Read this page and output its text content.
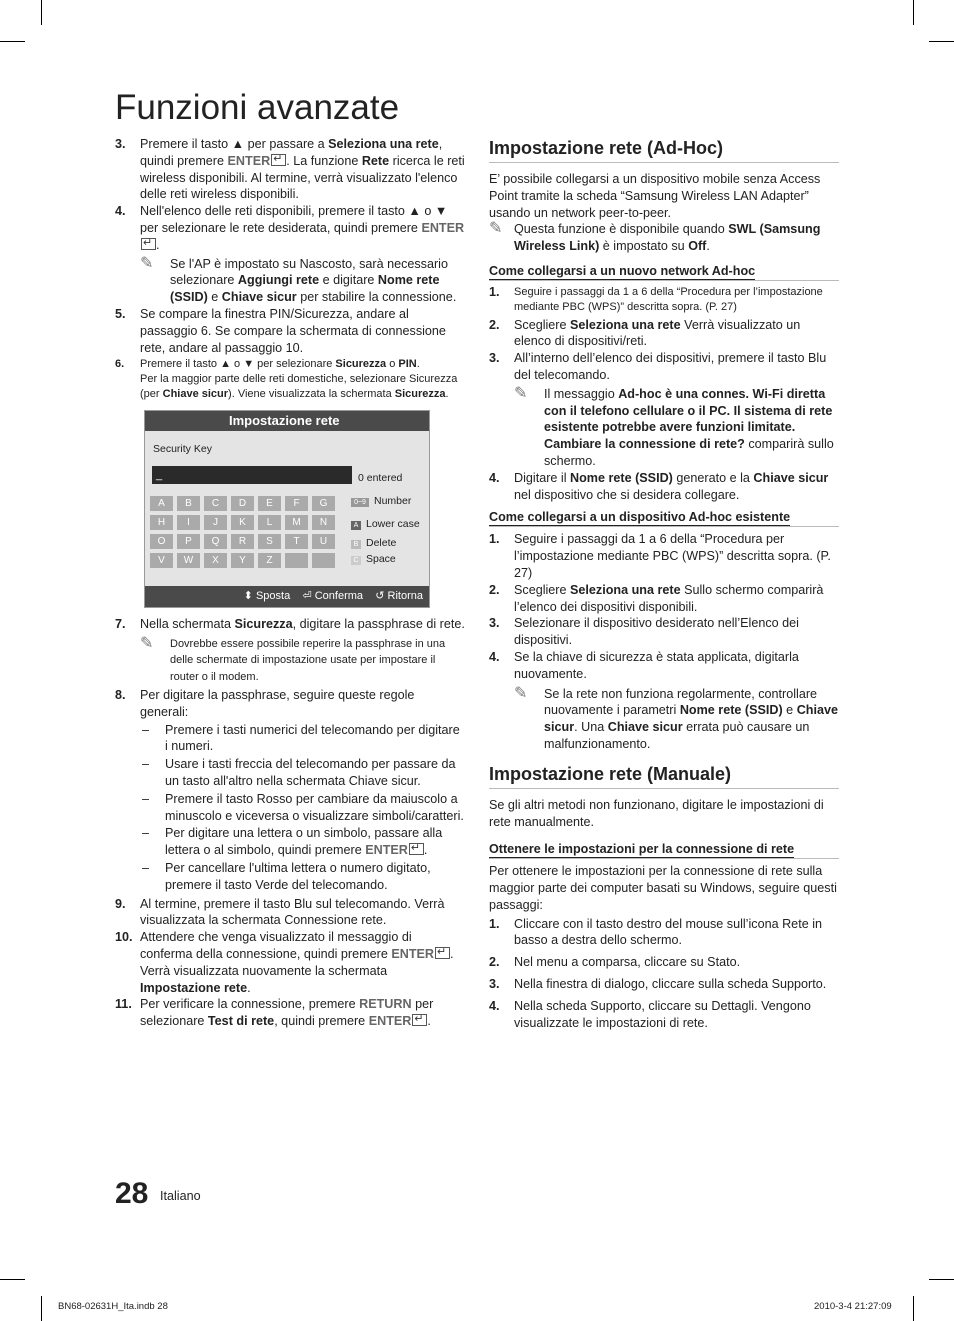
Funzioni avanzate
3. Premere il tasto ▲ per passare a Seleziona una rete, quindi premere ENTER ↵ . La funzione Rete ricerca le reti wireless disponibili. Al termine, verrà visualizzato l'elenco delle reti wireless disponibili.
4. Nell'elenco delle reti disponibili, premere il tasto ▲ o ▼ per selezionare le rete desiderata, quindi premere ENTER↵.
✎ Se l'AP è impostato su Nascosto, sarà necessario selezionare Aggiungi rete e digitare Nome rete (SSID) e Chiave sicur per stabilire la connessione.
5. Se compare la finestra PIN/Sicurezza, andare al passaggio 6. Se compare la schermata di connessione rete, andare al passaggio 10.
6. Premere il tasto ▲ o ▼ per selezionare Sicurezza o PIN.
Per la maggior parte delle reti domestiche, selezionare Sicurezza (per Chiave sicur). Viene visualizzata la schermata Sicurezza.
Impostazione rete
Security Key
_	0 entered
0~9 Number
A Lower case
B Delete
C Space
A	B	C	D	E	F	G
H	I	J	K	L	M	N
O	P	Q	R	S	T	U
V	W	X	Y	Z
⬍ Sposta ⏎ Conferma ↺ Ritorna
7. Nella schermata Sicurezza, digitare la passphrase di rete.
✎ Dovrebbe essere possibile reperire la passphrase in una delle schermate di impostazione usate per impostare il router o il modem.
8. Per digitare la passphrase, seguire queste regole generali:
– Premere i tasti numerici del telecomando per digitare i numeri.
– Usare i tasti freccia del telecomando per passare da un tasto all'altro nella schermata Chiave sicur.
– Premere il tasto Rosso per cambiare da maiuscolo a minuscolo e viceversa o visualizzare simboli/caratteri.
– Per digitare una lettera o un simbolo, passare alla lettera o al simbolo, quindi premere ENTER ↵ .
– Per cancellare l'ultima lettera o numero digitato, premere il tasto Verde del telecomando.
9. Al termine, premere il tasto Blu sul telecomando. Verrà visualizzata la schermata Connessione rete.
10. Attendere che venga visualizzato il messaggio di conferma della connessione, quindi premere ENTER ↵ . Verrà visualizzata nuovamente la schermata Impostazione rete.
11. Per verificare la connessione, premere RETURN per selezionare Test di rete, quindi premere ENTER ↵ .
Impostazione rete (Ad-Hoc)

E’ possibile collegarsi a un dispositivo mobile senza Access Point tramite la scheda “Samsung Wireless LAN Adapter” usando un network peer-to-peer.

✎ Questa funzione è disponibile quando SWL (Samsung Wireless Link) è impostato su Off.
Come collegarsi a un nuovo network Ad-hoc
1. Seguire i passaggi da 1 a 6 della “Procedura per l’impostazione mediante PBC (WPS)” descritta sopra. (P. 27)
2. Scegliere Seleziona una rete Verrà visualizzato un elenco di dispositivi/reti.
3. All’interno dell’elenco dei dispositivi, premere il tasto Blu del telecomando.
✎ Il messaggio Ad-hoc è una connes. Wi-Fi diretta con il telefono cellulare o il PC. Il sistema di rete esistente potrebbe avere funzioni limitate. Cambiare la connessione di rete? comparirà sullo schermo.
4. Digitare il Nome rete (SSID) generato e la Chiave sicur nel dispositivo che si desidera collegare.
Come collegarsi a un dispositivo Ad-hoc esistente
1. Seguire i passaggi da 1 a 6 della “Procedura per l’impostazione mediante PBC (WPS)” descritta sopra. (P. 27)
2. Scegliere Seleziona una rete Sullo schermo comparirà l’elenco dei dispositivi disponibili.
3. Selezionare il dispositivo desiderato nell’Elenco dei dispositivi.
4. Se la chiave di sicurezza è stata applicata, digitarla nuovamente.
✎ Se la rete non funziona regolarmente, controllare nuovamente i parametri Nome rete (SSID) e Chiave sicur. Una Chiave sicur errata può causare un malfunzionamento.
Impostazione rete (Manuale)

Se gli altri metodi non funzionano, digitare le impostazioni di rete manualmente.

Ottenere le impostazioni per la connessione di rete

Per ottenere le impostazioni per la connessione di rete sulla maggior parte dei computer basati su Windows, seguire questi passaggi:

1. Cliccare con il tasto destro del mouse sull’icona Rete in basso a destra dello schermo.
2. Nel menu a comparsa, cliccare su Stato.
3. Nella finestra di dialogo, cliccare sulla scheda Supporto.
4. Nella scheda Supporto, cliccare su Dettagli. Vengono visualizzate le impostazioni di rete.
28 Italiano
BN68-02631H_Ita.indb 28	2010-3-4 21:27:09
